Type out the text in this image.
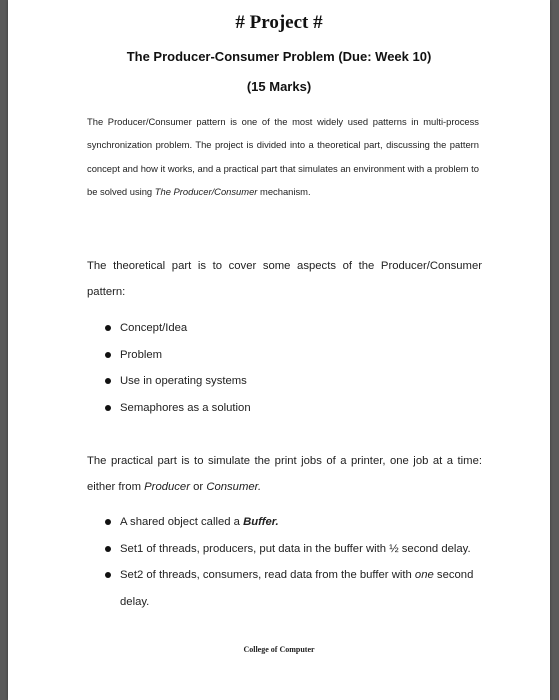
# Project #
The Producer-Consumer Problem (Due: Week 10)
(15 Marks)
The Producer/Consumer pattern is one of the most widely used patterns in multi-process synchronization problem. The project is divided into a theoretical part, discussing the pattern concept and how it works, and a practical part that simulates an environment with a problem to be solved using The Producer/Consumer mechanism.
The theoretical part is to cover some aspects of the Producer/Consumer pattern:
Concept/Idea
Problem
Use in operating systems
Semaphores as a solution
The practical part is to simulate the print jobs of a printer, one job at a time: either from Producer or Consumer.
A shared object called a Buffer.
Set1 of threads, producers, put data in the buffer with ½ second delay.
Set2 of threads, consumers, read data from the buffer with one second delay.
College of Computer
